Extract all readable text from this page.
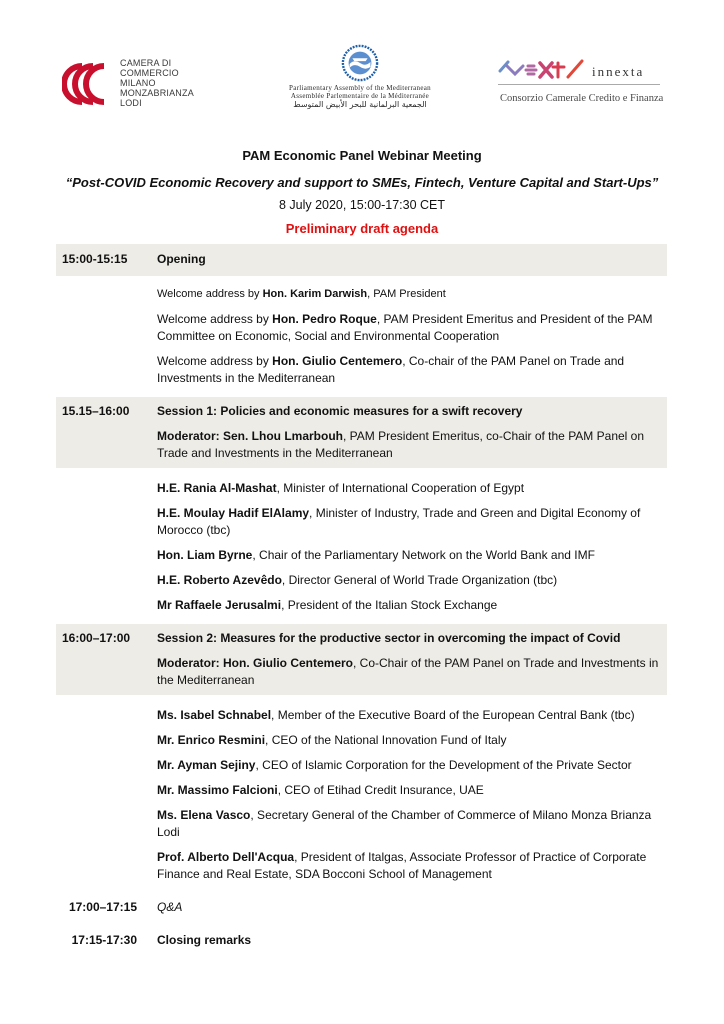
CAMERA DI
COMMERCIO
MILANO
MONZABRIANZA
LODI
Parliamentary Assembly of the Mediterranean
Assemblée Parlementaire de la Méditerranée
الجمعية البرلمانية للبحر الأبيض المتوسط
innexta
Consorzio Camerale Credito e Finanza
PAM Economic Panel Webinar Meeting
“Post-COVID Economic Recovery and support to SMEs, Fintech, Venture Capital and Start-Ups”
8 July 2020, 15:00-17:30 CET
Preliminary draft agenda
15:00-15:15	Opening
Welcome address by Hon. Karim Darwish, PAM President
Welcome address by Hon. Pedro Roque, PAM President Emeritus and President of the PAM Committee on Economic, Social and Environmental Cooperation
Welcome address by Hon. Giulio Centemero, Co-chair of the PAM Panel on Trade and Investments in the Mediterranean
15.15–16:00	Session 1: Policies and economic measures for a swift recovery
Moderator: Sen. Lhou Lmarbouh, PAM President Emeritus, co-Chair of the PAM Panel on Trade and Investments in the Mediterranean
H.E. Rania Al-Mashat, Minister of International Cooperation of Egypt
H.E. Moulay Hadif ElAlamy, Minister of Industry, Trade and Green and Digital Economy of Morocco (tbc)
Hon. Liam Byrne, Chair of the Parliamentary Network on the World Bank and IMF
H.E. Roberto Azevêdo, Director General of World Trade Organization (tbc)
Mr Raffaele Jerusalmi, President of the Italian Stock Exchange
16:00–17:00	Session 2: Measures for the productive sector in overcoming the impact of Covid
Moderator: Hon. Giulio Centemero, Co-Chair of the PAM Panel on Trade and Investments in the Mediterranean
Ms. Isabel Schnabel, Member of the Executive Board of the European Central Bank (tbc)
Mr. Enrico Resmini, CEO of the National Innovation Fund of Italy
Mr. Ayman Sejiny, CEO of Islamic Corporation for the Development of the Private Sector
Mr. Massimo Falcioni, CEO of Etihad Credit Insurance, UAE
Ms. Elena Vasco, Secretary General of the Chamber of Commerce of Milano Monza Brianza Lodi
Prof. Alberto Dell'Acqua, President of Italgas, Associate Professor of Practice of Corporate Finance and Real Estate, SDA Bocconi School of Management
17:00–17:15	Q&A
17:15-17:30	Closing remarks
